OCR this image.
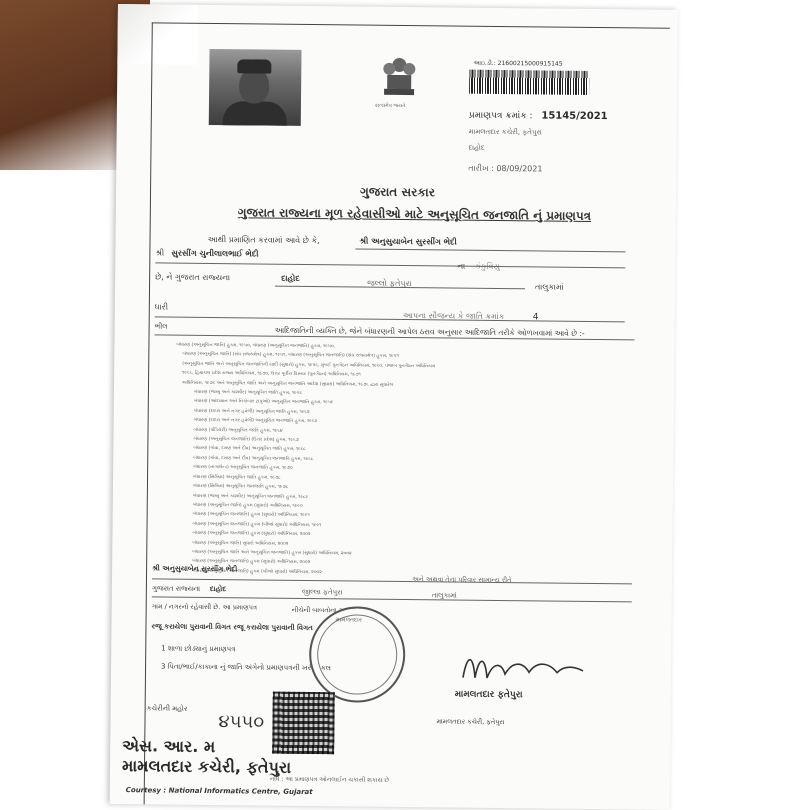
સત્યમેવ જયતે
આઇ.ડી.: 21600215000915145
પ્રમાણપત્ર ક્રમાંક : 15145/2021
મામલતદાર કચેરી, ફતેપુરા
દાહોદ
તારીખ : 08/09/2021
ગુજરાત સરકાર
ગુજરાત રાજ્યના મૂળ રહેવાસીઓ માટે અનુસૂચિત જનજાતિ નું પ્રમાણપત્ર
આથી પ્રમાણિત કરવામાં આવે છે કે,	શ્રી અનુસુયાબેન સુરસીંગ ભેદી
શ્રી સુરસીંગ ચુનીલાલભાઈ ભેદી
ના કંકુવિયુ
છે, ને ગુજરાત રાજ્યના	દાહોદ
જલ્લો ફતેપુરા	તાલુકામાં
ધારી
આપના સૌજન્ય કે જાતિ ક્રમાંક	4
ભીલ	આદિજાતિની વ્યક્તિ છે, જેને બંધારણની આપેલ ઠરાવ અનુસાર આદિજાતિ તરીકે ઓળખવામાં આવે છે :-
બંધારણ (અનુસૂચિત જાતિ) હુકમ, ૧૯૫૦, બંધારણ (અનુસૂચિત જનજાતિ) હુકમ, ૧૯૫૦,
બંધારણ (અનુસૂચિત જાતિ) (સંઘ રાજ્યક્ષેત્ર) હુકમ, ૧૯૫૧, બંધારણ (અનુસૂચિત જનજાતિ) (સંઘ રાજ્યક્ષેત્ર) હુકમ, ૧૯૫૧
(અનુસૂચિત જાતિ અને અનુસૂચિત જનજાતિની યાદી (સુધારો) હુકમ, ૧૯૫૬, મુંબઈ પુનર્ગઠન અધિનિયમ, ૧૯૬૦, પંજાબ પુનર્ગઠન અધિનિયમ
૧૯૬૬, હિમાચલ પ્રદેશ રાજ્ય અધિનિયમ, ૧૯૭૦, ઉત્તર પૂર્વીય વિસ્તાર (પુનર્ગઠન) અધિનિયમ, ૧૯૭૧
અધિનિયમ, ૧૯૭૬ અને અનુસૂચિત જાતિ અને અનુસૂચિત જનજાતિ આદેશ (સુધારા) અધિનિયમ, ૧૯૭૬ દ્વારા સુધારેલ
બંધારણ (જમ્મુ અને કાશ્મીર) અનુસૂચિત જાતિ હુકમ, ૧૯૫૬
બંધારણ (આંદામાન અને નિકોબાર ટાપુઓ) અનુસૂચિત જનજાતિ હુકમ, ૧૯૫૯
બંધારણ (દાદરા અને નગર હવેલી) અનુસૂચિત જાતિ હુકમ, ૧૯૬૨
બંધારણ (દાદરા અને નગર હવેલી) અનુસૂચિત જનજાતિ હુકમ, ૧૯૬૨
બંધારણ (પોંડિચેરી) અનુસૂચિત જાતિ હુકમ, ૧૯૬૪
બંધારણ (અનુસૂચિત જનજાતિ) (ઉત્તર પ્રદેશ) હુકમ, ૧૯૬૭
બંધારણ (ગોવા, દમણ અને દીવ) અનુસૂચિત જાતિ હુકમ, ૧૯૬૮
બંધારણ (ગોવા, દમણ અને દીવ) અનુસૂચિત જનજાતિ હુકમ, ૧૯૬૮
બંધારણ (નાગાલેન્ડ) અનુસૂચિત જનજાતિ હુકમ, ૧૯૭૦
બંધારણ (સિક્કિમ) અનુસૂચિત જાતિ હુકમ, ૧૯૭૮
બંધારણ (સિક્કિમ) અનુસૂચિત જનજાતિ હુકમ, ૧૯૭૮
બંધારણ (જમ્મુ અને કાશ્મીર) અનુસૂચિત જનજાતિ હુકમ, ૧૯૮૯
બંધારણ (અનુસૂચિત જાતિ) હુકમ (સુધારો) અધિનિયમ, ૧૯૯૦
બંધારણ (અનુસૂચિત જનજાતિ) હુકમ (સુધારો) અધિનિયમ, ૧૯૯૧
બંધારણ (અનુસૂચિત જનજાતિ) હુકમ (બીજો સુધારો) અધિનિયમ, ૧૯૯૧
બંધારણ (અનુસૂચિત જનજાતિ) હુકમ (સુધારો) અધિનિયમ, ૨૦૦૨
બંધારણ (અનુસૂચિત જાતિ) સુધારો અધિનિયમ, ૨૦૦૨
બંધારણ (અનુસૂચિત જાતિ અને અનુસૂચિત જનજાતિ) હુકમ (સુધારો) અધિનિયમ, ૨૦૦૨
બંધારણ (અનુસૂચિત જનજાતિ) હુકમ (સુધારો) અધિનિયમ, ૨૦૦૨
બંધારણ (અનુસૂચિત જનજાતિ) હુકમ (બીજો સુધારો) અધિનિયમ, ૨૦૦૨
શ્રી અનુસુયાબેન સુરસીંગ ભેદી
અને અથવા તેના પરિવાર સામાન્ય રીતે
ગુજરાત રાજ્યના દાહોદ	જીલ્લા ફતેપુરા	તાલુકામાં
ગામ / નગરનો રહેવાસી છે. આ પ્રમાણપત્ર	નીચેની બાબતોના આધારે
રજૂ કરાયેલા પુરાવાની વિગત રજૂ કરાયેલા પુરાવાની વિગત
1 શાળા છોડ્યાનું પ્રમાણપત્ર
3 પિતા/ભાઈ/કાકાના નું જાતિ અંગેનો પ્રમાણપત્રની ખરી નકલ
મામલતદાર
મામલતદાર ફતેપુરા
મામલતદાર કચેરી, ફતેપુરા
કચેરીની મહોર
૪૫૫૦
એસ. આર. મ
મામલતદાર કચેરી, ફતેપુરા
નોંધ : આ પ્રમાણપત્ર ઓનલાઈન ચકાસી શકાય છે
Courtesy : National Informatics Centre, Gujarat
